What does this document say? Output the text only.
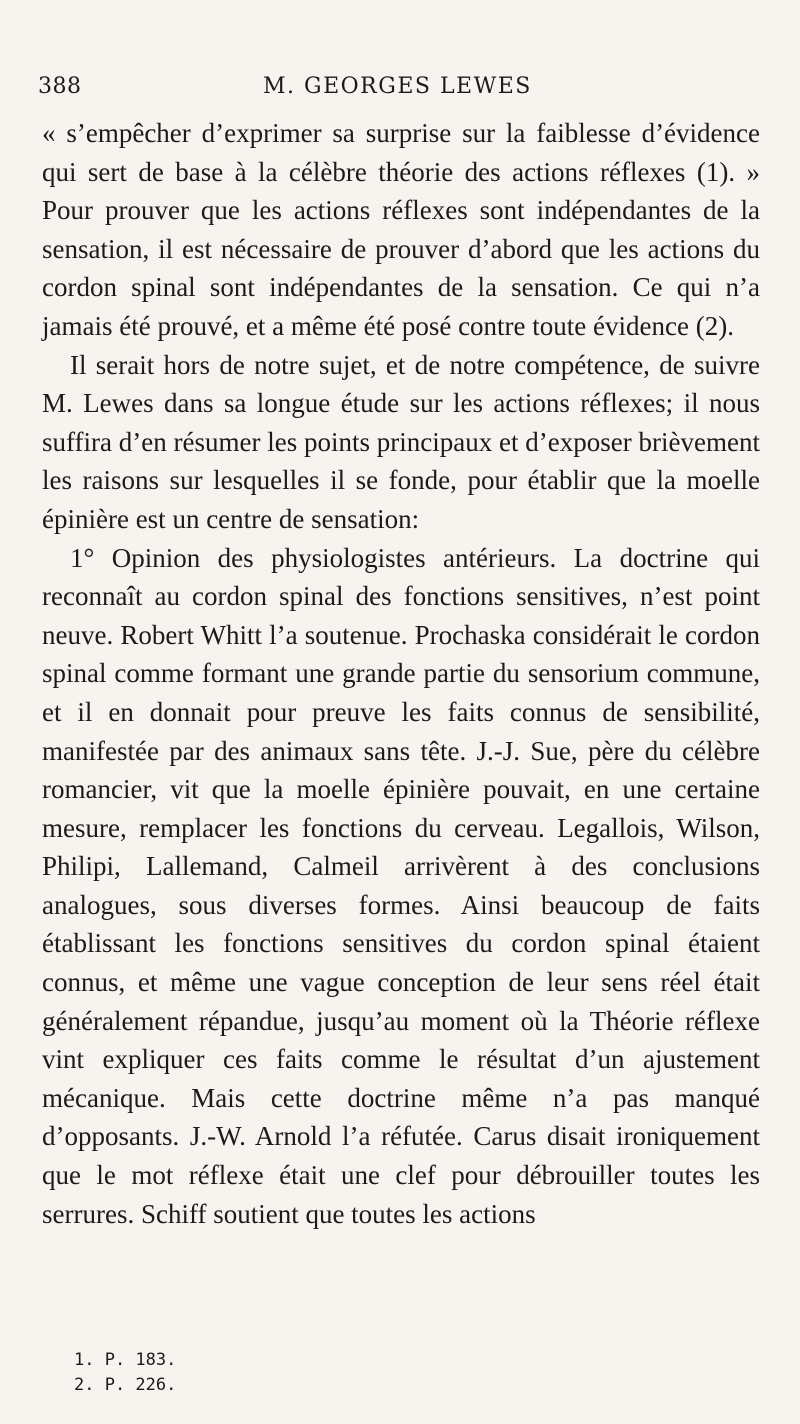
388	M. GEORGES LEWES

« s’empêcher d’exprimer sa surprise sur la faiblesse d’évidence qui sert de base à la célèbre théorie des actions réflexes (1). » Pour prouver que les actions réflexes sont indépendantes de la sensation, il est nécessaire de prouver d’abord que les actions du cordon spinal sont indépendantes de la sensation. Ce qui n’a jamais été prouvé, et a même été posé contre toute évidence (2).

Il serait hors de notre sujet, et de notre compétence, de suivre M. Lewes dans sa longue étude sur les actions réflexes; il nous suffira d’en résumer les points principaux et d’exposer brièvement les raisons sur lesquelles il se fonde, pour établir que la moelle épinière est un centre de sensation:

1° Opinion des physiologistes antérieurs. La doctrine qui reconnaît au cordon spinal des fonctions sensitives, n’est point neuve. Robert Whitt l’a soutenue. Prochaska considérait le cordon spinal comme formant une grande partie du sensorium commune, et il en donnait pour preuve les faits connus de sensibilité, manifestée par des animaux sans tête. J.-J. Sue, père du célèbre romancier, vit que la moelle épinière pouvait, en une certaine mesure, remplacer les fonctions du cerveau. Legallois, Wilson, Philipi, Lallemand, Calmeil arrivèrent à des conclusions analogues, sous diverses formes. Ainsi beaucoup de faits établissant les fonctions sensitives du cordon spinal étaient connus, et même une vague conception de leur sens réel était généralement répandue, jusqu’au moment où la Théorie réflexe vint expliquer ces faits comme le résultat d’un ajustement mécanique. Mais cette doctrine même n’a pas manqué d’opposants. J.-W. Arnold l’a réfutée. Carus disait ironiquement que le mot réflexe était une clef pour débrouiller toutes les serrures. Schiff soutient que toutes les actions

1. P. 183.
2. P. 226.
